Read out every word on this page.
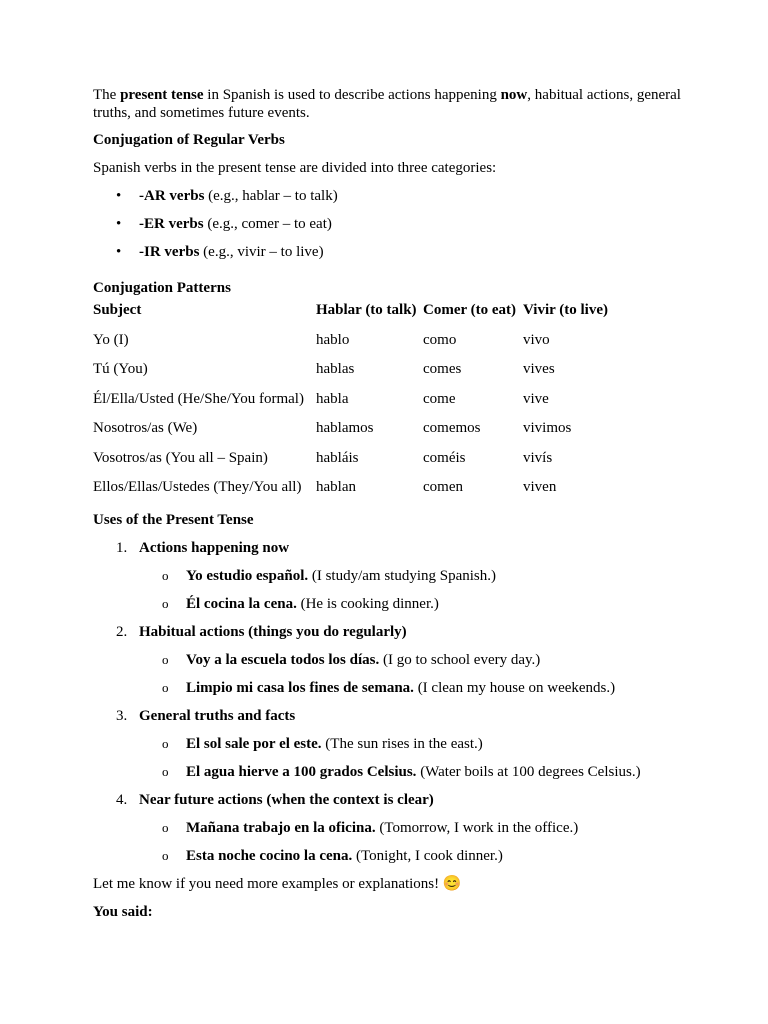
The present tense in Spanish is used to describe actions happening now, habitual actions, general truths, and sometimes future events.

Conjugation of Regular Verbs

Spanish verbs in the present tense are divided into three categories:

• -AR verbs (e.g., hablar – to talk)
• -ER verbs (e.g., comer – to eat)
• -IR verbs (e.g., vivir – to live)

Conjugation Patterns

Subject	Hablar (to talk)	Comer (to eat)	Vivir (to live)
Yo (I)	hablo	como	vivo
Tú (You)	hablas	comes	vives
Él/Ella/Usted (He/She/You formal)	habla	come	vive
Nosotros/as (We)	hablamos	comemos	vivimos
Vosotros/as (You all – Spain)	habláis	coméis	vivís
Ellos/Ellas/Ustedes (They/You all)	hablan	comen	viven

Uses of the Present Tense

1. Actions happening now
o Yo estudio español. (I study/am studying Spanish.)
o Él cocina la cena. (He is cooking dinner.)
2. Habitual actions (things you do regularly)
o Voy a la escuela todos los días. (I go to school every day.)
o Limpio mi casa los fines de semana. (I clean my house on weekends.)
3. General truths and facts
o El sol sale por el este. (The sun rises in the east.)
o El agua hierve a 100 grados Celsius. (Water boils at 100 degrees Celsius.)
4. Near future actions (when the context is clear)
o Mañana trabajo en la oficina. (Tomorrow, I work in the office.)
o Esta noche cocino la cena. (Tonight, I cook dinner.)

Let me know if you need more examples or explanations! 😊

You said:
